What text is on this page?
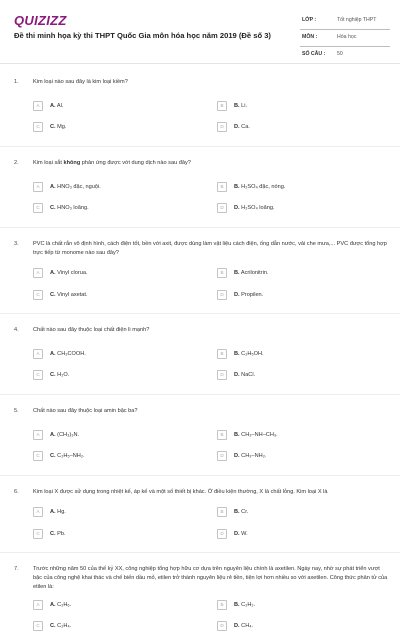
QUIZIZZ
Đề thi minh họa kỳ thi THPT Quốc Gia môn hóa học năm 2019 (Đề số 3)
LỚP :	Tốt nghiệp THPT
MÔN :	Hóa học
SỐ CÂU : 50
1.	Kim loại nào sau đây là kim loại kiềm?
A	A. Al.	B	B. Li.
C	C. Mg.	D	D. Ca.
2.	Kim loại sắt không phản ứng được với dung dịch nào sau đây?
A	A. HNO₃ đặc, nguội.	B	B. H₂SO₄ đặc, nóng.
C	C. HNO₃ loãng.	D	D. H₂SO₄ loãng.
3.	PVC là chất rắn vô định hình, cách điện tốt, bền với axit, được dùng làm vật liệu cách điện, ống dẫn nước, vải che mưa,... PVC được tổng hợp trực tiếp từ monome nào sau đây?
A	A. Vinyl clorua.	B	B. Acrilonitrin.
C	C. Vinyl axetat.	D	D. Propilen.
4.	Chất nào sau đây thuộc loại chất điện li mạnh?
A	A. CH₃COOH.	B	B. C₂H₅OH.
C	C. H₂O.	D	D. NaCl.
5.	Chất nào sau đây thuộc loại amin bậc ba?
A	A. (CH₃)₃N.	B	B. CH₃–NH–CH₃.
C	C. C₂H₅–NH₂.	D	D. CH₃–NH₂.
6.	Kim loại X được sử dụng trong nhiệt kế, áp kế và một số thiết bị khác. Ở điều kiện thường, X là chất lỏng. Kim loại X là
A	A. Hg.	B	B. Cr.
C	C. Pb.	D	D. W.
7.	Trước những năm 50 của thế kỷ XX, công nghiệp tổng hợp hữu cơ dựa trên nguyên liệu chính là axetilen. Ngày nay, nhờ sự phát triển vượt bậc của công nghệ khai thác và chế biến dầu mỏ, etilen trở thành nguyên liệu rẻ tiền, tiện lợi hơn nhiều so với axetilen. Công thức phân tử của etilen là:
A	A. C₂H₆.	B	B. C₂H₂.
C	C. C₂H₄.	D	D. CH₄.
